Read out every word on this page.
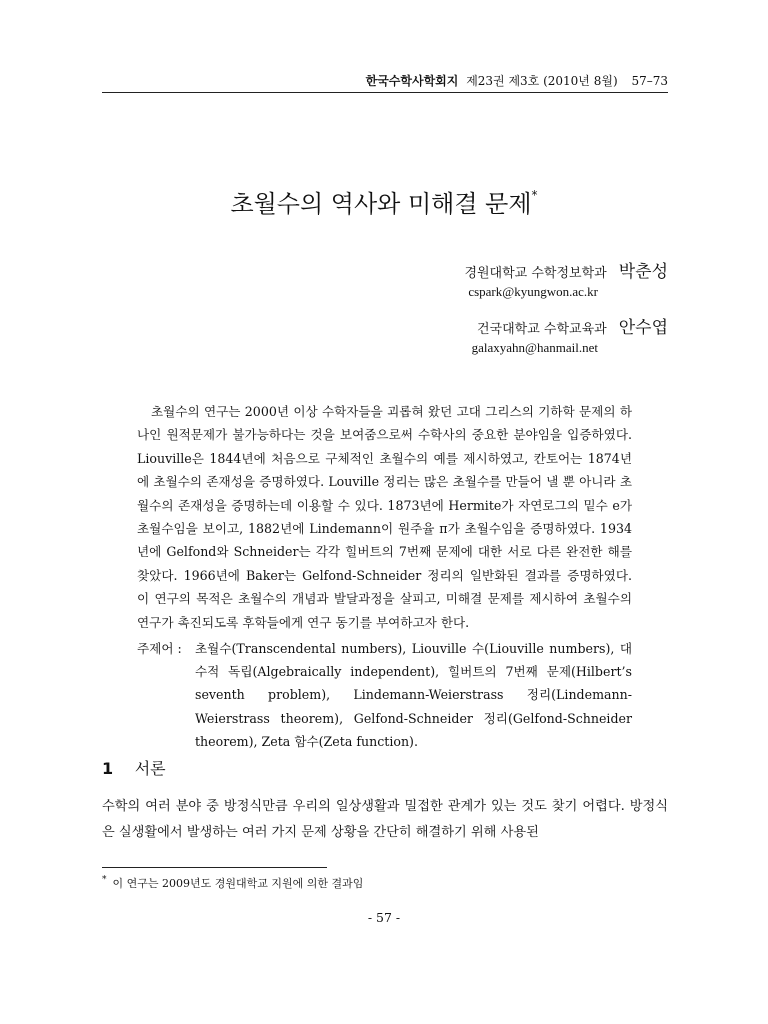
한국수학사학회지 제23권 제3호 (2010년 8월) 57–73
초월수의 역사와 미해결 문제*
경원대학교 수학정보학과 박춘성
cspark@kyungwon.ac.kr
건국대학교 수학교육과 안수엽
galaxyahn@hanmail.net

초월수의 연구는 2000년 이상 수학자들을 괴롭혀 왔던 고대 그리스의 기하학 문제의 하나인 원적문제가 불가능하다는 것을 보여줌으로써 수학사의 중요한 분야임을 입증하였다. Liouville은 1844년에 처음으로 구체적인 초월수의 예를 제시하였고, 칸토어는 1874년에 초월수의 존재성을 증명하였다. Louville 정리는 많은 초월수를 만들어 낼 뿐 아니라 초월수의 존재성을 증명하는데 이용할 수 있다. 1873년에 Hermite가 자연로그의 밑수 e가 초월수임을 보이고, 1882년에 Lindemann이 원주율 π가 초월수임을 증명하였다. 1934년에 Gelfond와 Schneider는 각각 힐버트의 7번째 문제에 대한 서로 다른 완전한 해를 찾았다. 1966년에 Baker는 Gelfond-Schneider 정리의 일반화된 결과를 증명하였다. 이 연구의 목적은 초월수의 개념과 발달과정을 살피고, 미해결 문제를 제시하여 초월수의 연구가 촉진되도록 후학들에게 연구 동기를 부여하고자 한다.

주제어 :	초월수(Transcendental numbers), Liouville 수(Liouville numbers), 대수적 독립(Algebraically independent), 힐버트의 7번째 문제(Hilbert’s seventh problem), Lindemann-Weierstrass 정리(Lindemann-Weierstrass theorem), Gelfond-Schneider 정리(Gelfond-Schneider theorem), Zeta 함수(Zeta function).
1 서론

수학의 여러 분야 중 방정식만큼 우리의 일상생활과 밀접한 관계가 있는 것도 찾기 어렵다. 방정식은 실생활에서 발생하는 여러 가지 문제 상황을 간단히 해결하기 위해 사용된

* 이 연구는 2009년도 경원대학교 지원에 의한 결과임
- 57 -
